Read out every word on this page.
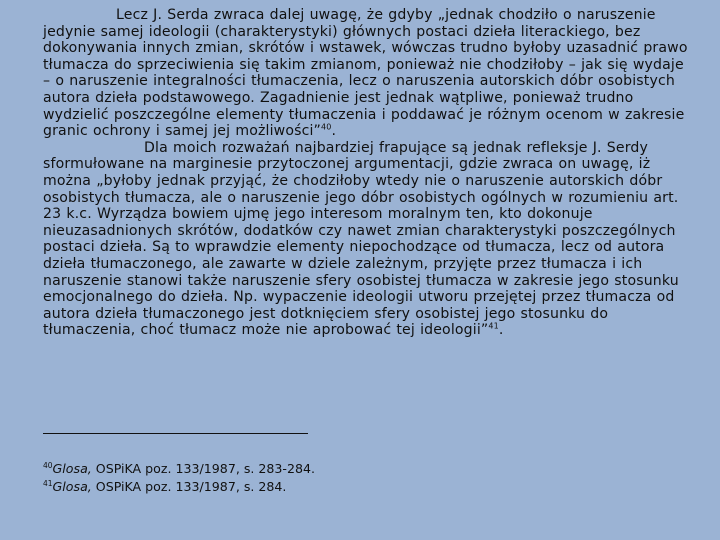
Lecz J. Serda zwraca dalej uwagę, że gdyby „jednak chodziło o naruszenie jedynie samej ideologii (charakterystyki) głównych postaci dzieła literackiego, bez dokonywania innych zmian, skrótów i wstawek, wówczas trudno byłoby uzasadnić prawo tłumacza do sprzeciwienia się takim zmianom, ponieważ nie chodziłoby – jak się wydaje – o naruszenie integralności tłumaczenia, lecz o naruszenia autorskich dóbr osobistych autora dzieła podstawowego. Zagadnienie jest jednak wątpliwe, ponieważ trudno wydzielić poszczególne elementy tłumaczenia i poddawać je różnym ocenom w zakresie granic ochrony i samej jej możliwości”$^{40}$.

Dla moich rozważań najbardziej frapujące są jednak refleksje J. Serdy sformułowane na marginesie przytoczonej argumentacji, gdzie zwraca on uwagę, iż można „byłoby jednak przyjąć, że chodziłoby wtedy nie o naruszenie autorskich dóbr osobistych tłumacza, ale o naruszenie jego dóbr osobistych ogólnych w rozumieniu art. 23 k.c. Wyrządza bowiem ujmę jego interesom moralnym ten, kto dokonuje nieuzasadnionych skrótów, dodatków czy nawet zmian charakterystyki poszczególnych postaci dzieła. Są to wprawdzie elementy niepochodzące od tłumacza, lecz od autora dzieła tłumaczonego, ale zawarte w dziele zależnym, przyjęte przez tłumacza i ich naruszenie stanowi także naruszenie sfery osobistej tłumacza w zakresie jego stosunku emocjonalnego do dzieła. Np. wypaczenie ideologii utworu przejętej przez tłumacza od autora dzieła tłumaczonego jest dotknięciem sfery osobistej jego stosunku do tłumaczenia, choć tłumacz może nie aprobować tej ideologii”$^{41}$.

$^{40}$Glosa, OSPiKA poz. 133/1987, s. 283-284.

$^{41}$Glosa, OSPiKA poz. 133/1987, s. 284.
